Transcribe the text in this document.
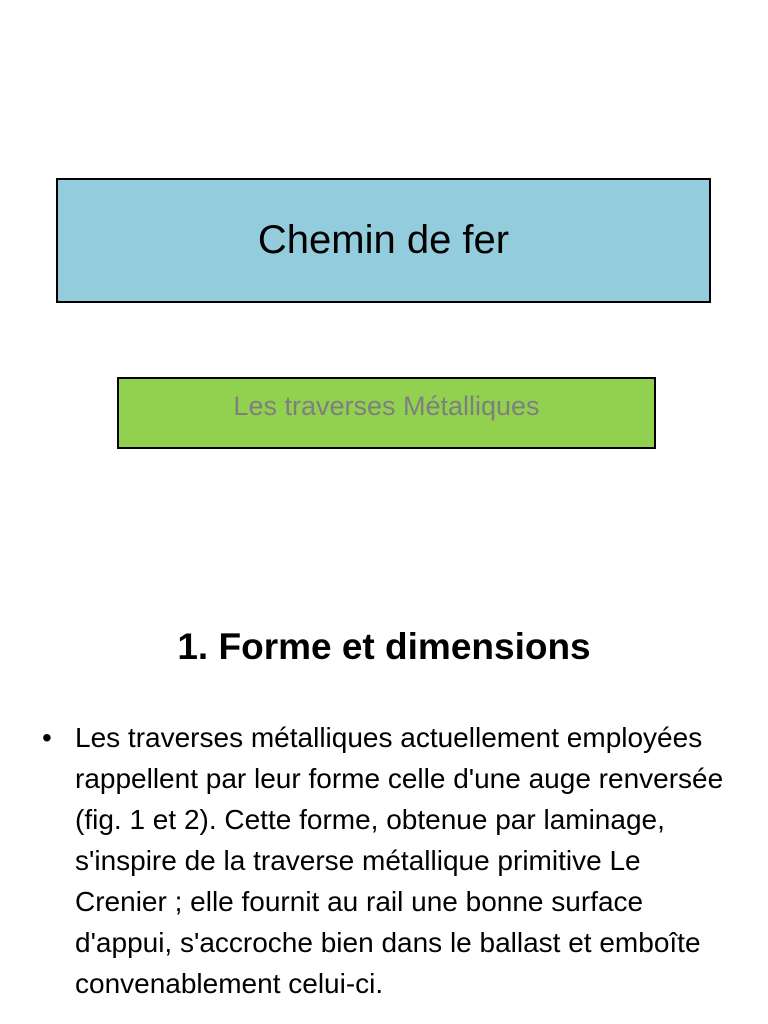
Chemin de fer
Les traverses Métalliques
1. Forme et dimensions
• Les traverses métalliques actuellement employées rappellent par leur forme celle d'une auge renversée (fig. 1 et 2). Cette forme, obtenue par laminage, s'inspire de la traverse métallique primitive Le Crenier ; elle fournit au rail une bonne surface d'appui, s'accroche bien dans le ballast et emboîte convenablement celui-ci.
